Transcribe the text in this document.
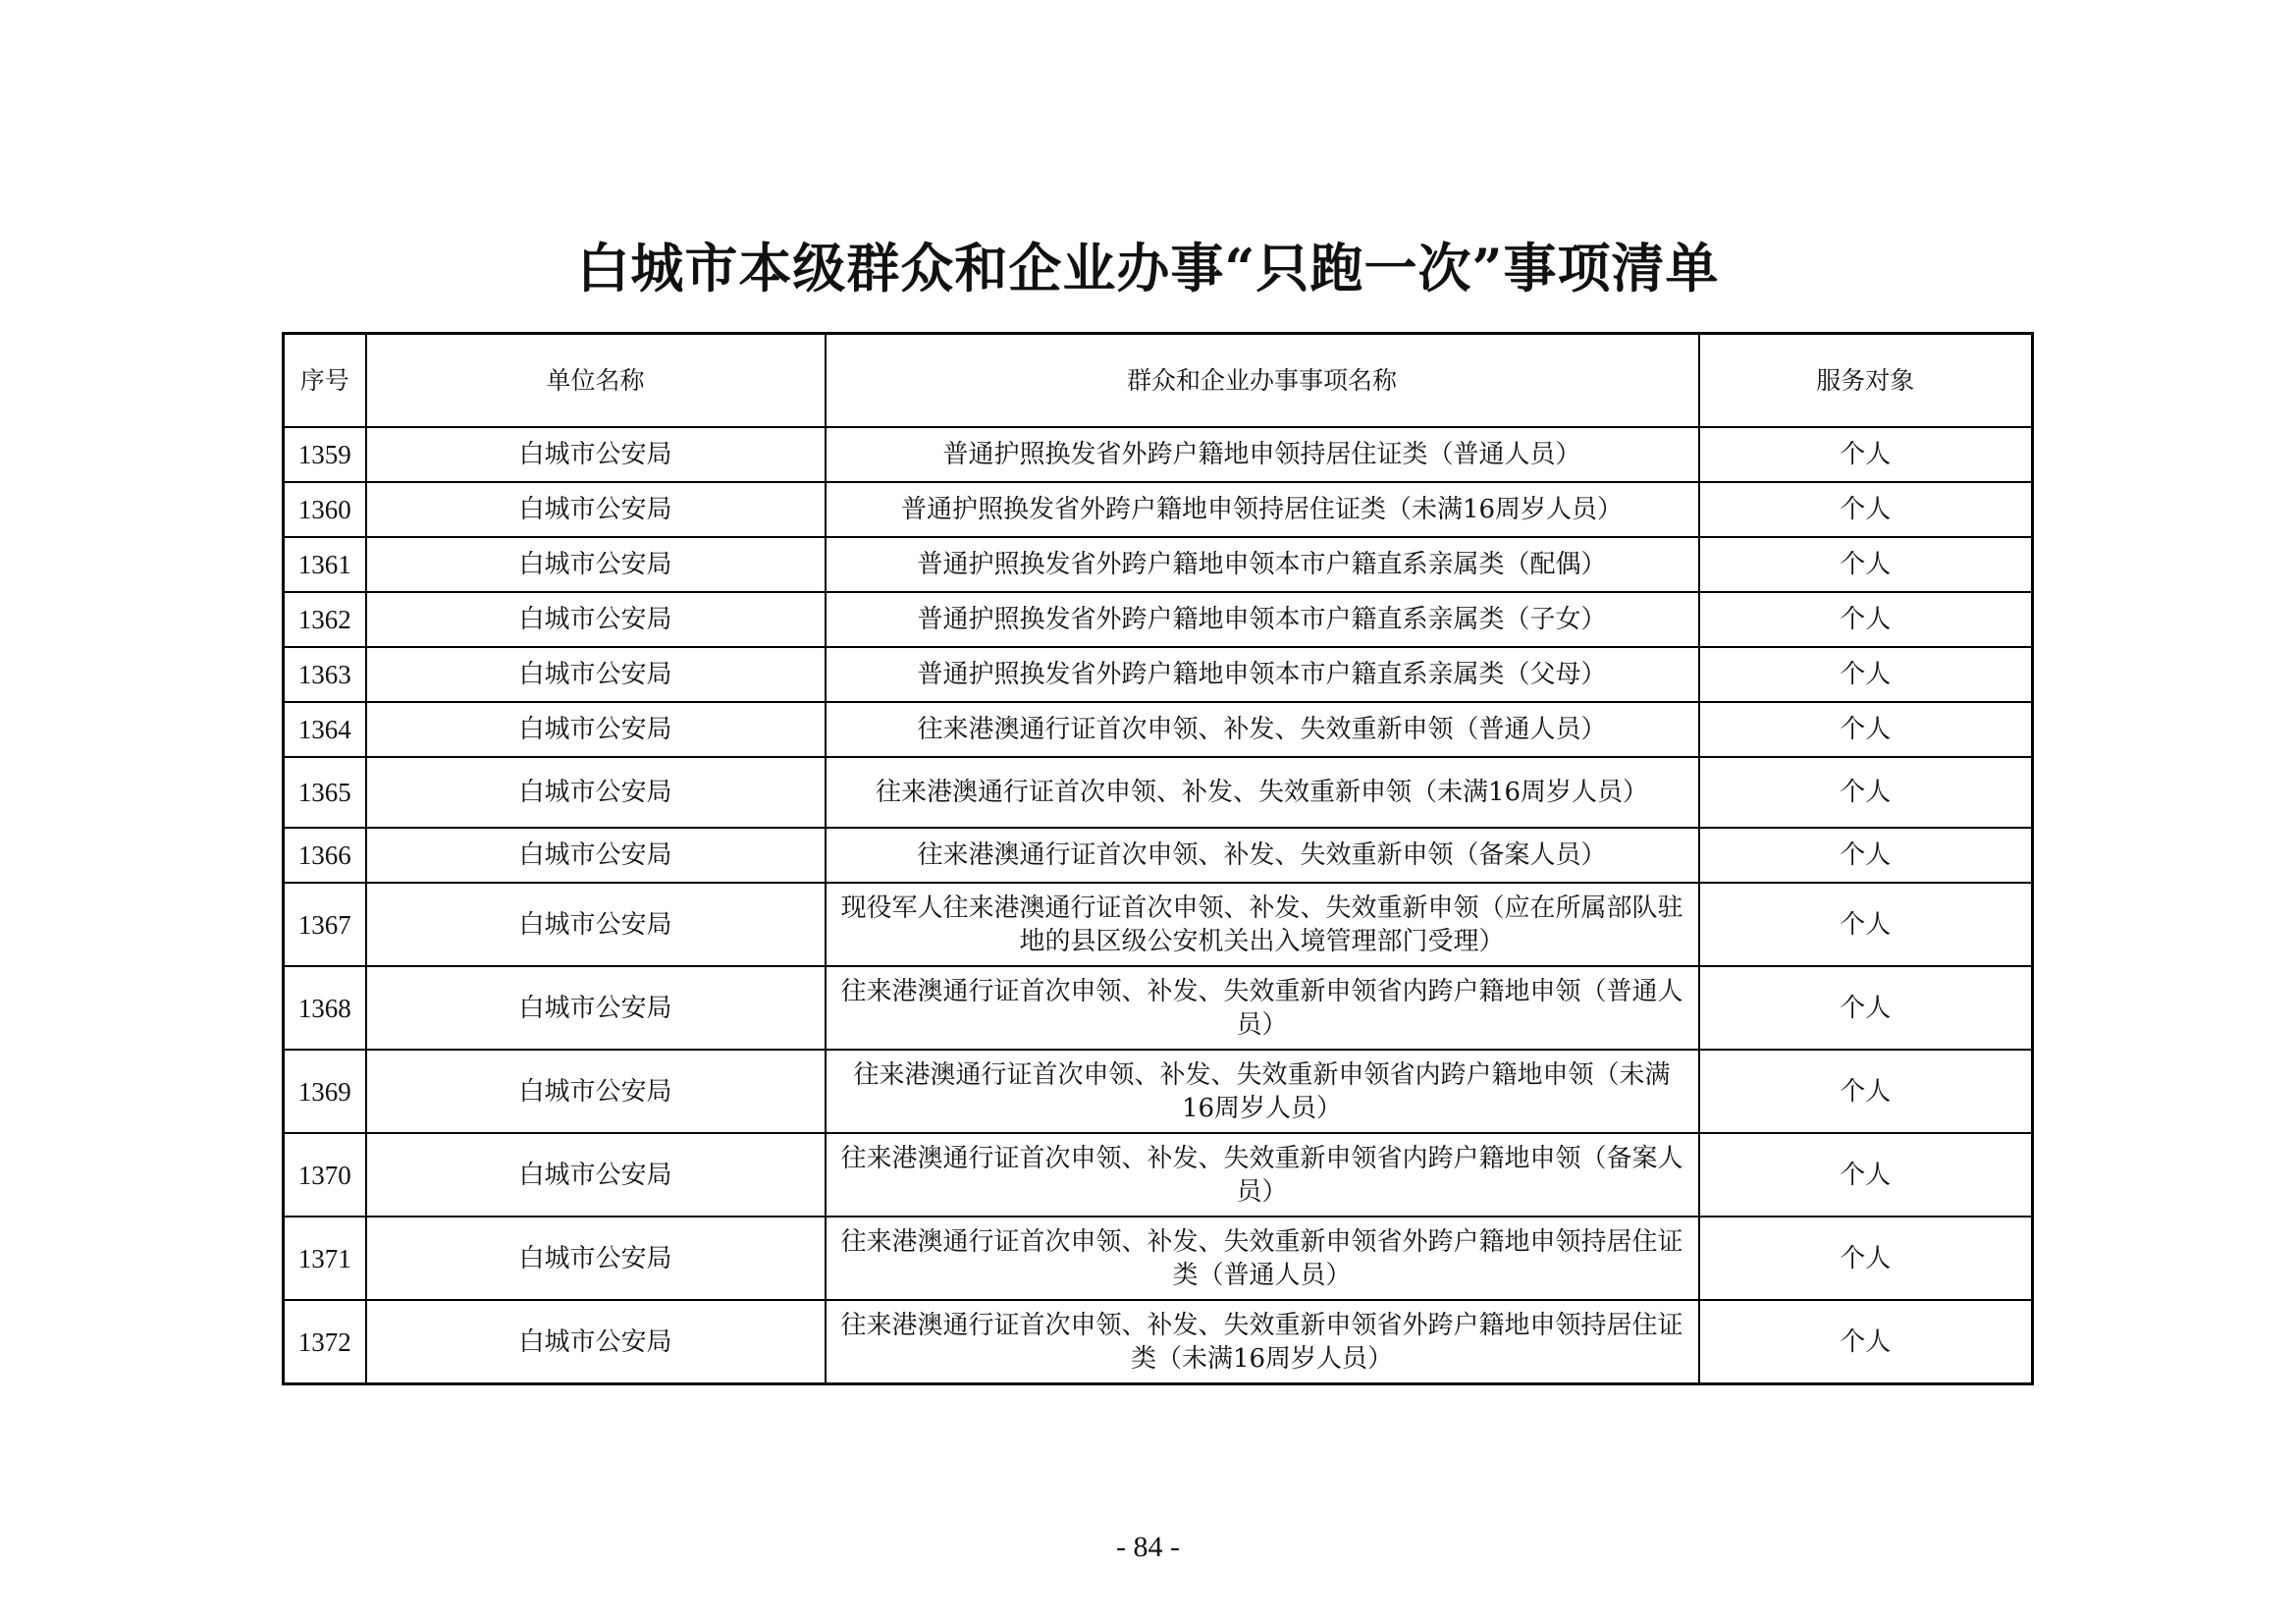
白城市本级群众和企业办事“只跑一次”事项清单
序号	单位名称	群众和企业办事事项名称	服务对象
1359	白城市公安局	普通护照换发省外跨户籍地申领持居住证类（普通人员）	个人
1360	白城市公安局	普通护照换发省外跨户籍地申领持居住证类（未满16周岁人员）	个人
1361	白城市公安局	普通护照换发省外跨户籍地申领本市户籍直系亲属类（配偶）	个人
1362	白城市公安局	普通护照换发省外跨户籍地申领本市户籍直系亲属类（子女）	个人
1363	白城市公安局	普通护照换发省外跨户籍地申领本市户籍直系亲属类（父母）	个人
1364	白城市公安局	往来港澳通行证首次申领、补发、失效重新申领（普通人员）	个人
1365	白城市公安局	往来港澳通行证首次申领、补发、失效重新申领（未满16周岁人员）	个人
1366	白城市公安局	往来港澳通行证首次申领、补发、失效重新申领（备案人员）	个人
1367	白城市公安局	现役军人往来港澳通行证首次申领、补发、失效重新申领（应在所属部队驻地的县区级公安机关出入境管理部门受理）	个人
1368	白城市公安局	往来港澳通行证首次申领、补发、失效重新申领省内跨户籍地申领（普通人员）	个人
1369	白城市公安局	往来港澳通行证首次申领、补发、失效重新申领省内跨户籍地申领（未满16周岁人员）	个人
1370	白城市公安局	往来港澳通行证首次申领、补发、失效重新申领省内跨户籍地申领（备案人员）	个人
1371	白城市公安局	往来港澳通行证首次申领、补发、失效重新申领省外跨户籍地申领持居住证类（普通人员）	个人
1372	白城市公安局	往来港澳通行证首次申领、补发、失效重新申领省外跨户籍地申领持居住证类（未满16周岁人员）	个人
- 84 -
